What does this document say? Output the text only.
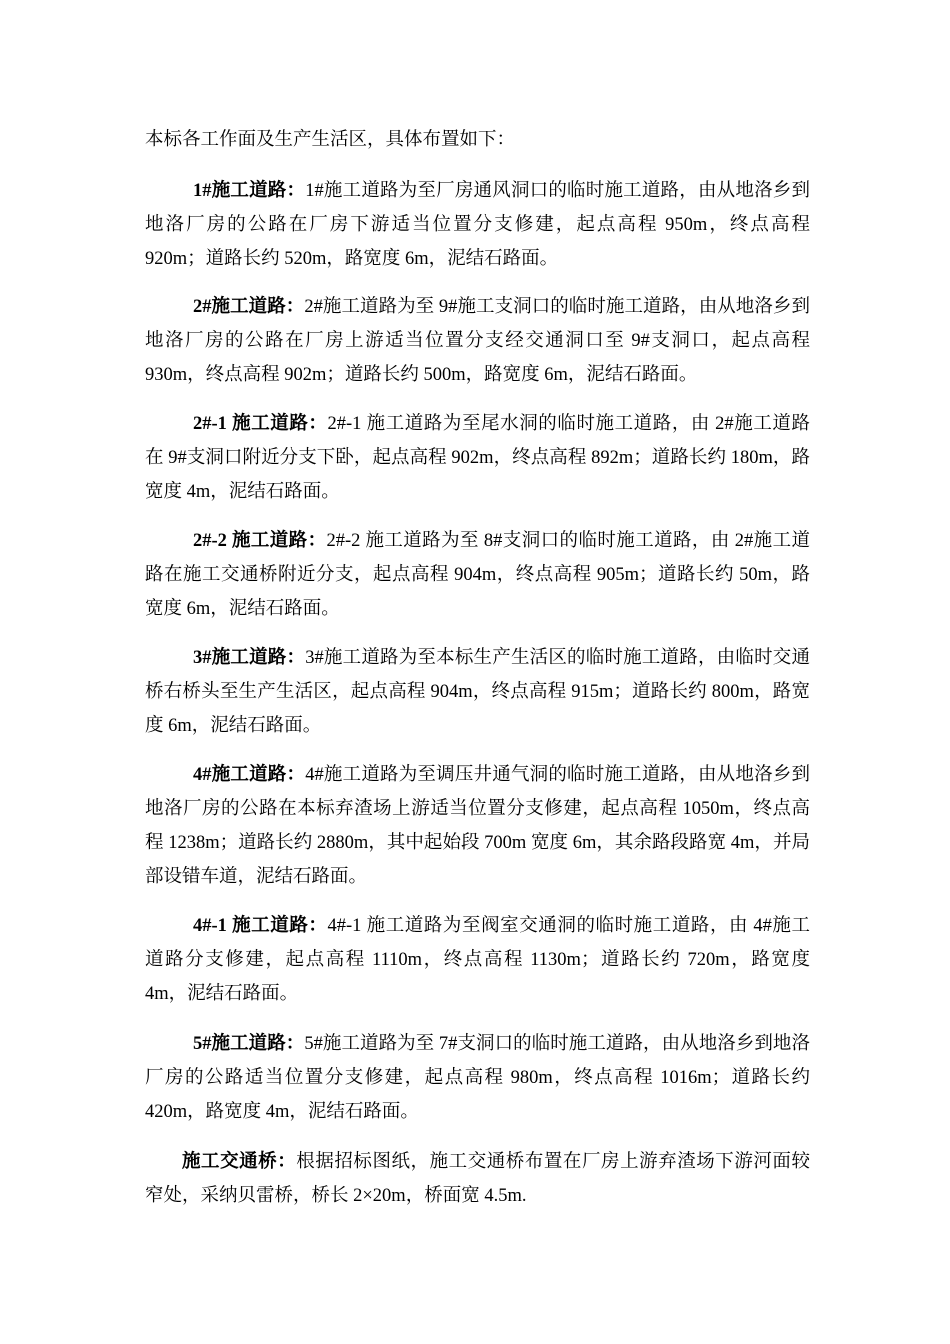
本标各工作面及生产生活区，具体布置如下：

1#施工道路：1#施工道路为至厂房通风洞口的临时施工道路，由从地洛乡到地洛厂房的公路在厂房下游适当位置分支修建，起点高程 950m，终点高程 920m；道路长约 520m，路宽度 6m，泥结石路面。

2#施工道路：2#施工道路为至 9#施工支洞口的临时施工道路，由从地洛乡到地洛厂房的公路在厂房上游适当位置分支经交通洞口至 9#支洞口，起点高程 930m，终点高程 902m；道路长约 500m，路宽度 6m，泥结石路面。

2#-1 施工道路：2#-1 施工道路为至尾水洞的临时施工道路，由 2#施工道路在 9#支洞口附近分支下卧，起点高程 902m，终点高程 892m；道路长约 180m，路宽度 4m，泥结石路面。

2#-2 施工道路：2#-2 施工道路为至 8#支洞口的临时施工道路，由 2#施工道路在施工交通桥附近分支，起点高程 904m，终点高程 905m；道路长约 50m，路宽度 6m，泥结石路面。

3#施工道路：3#施工道路为至本标生产生活区的临时施工道路，由临时交通桥右桥头至生产生活区，起点高程 904m，终点高程 915m；道路长约 800m，路宽度 6m，泥结石路面。

4#施工道路：4#施工道路为至调压井通气洞的临时施工道路，由从地洛乡到地洛厂房的公路在本标弃渣场上游适当位置分支修建，起点高程 1050m，终点高程 1238m；道路长约 2880m，其中起始段 700m 宽度 6m，其余路段路宽 4m，并局部设错车道，泥结石路面。

4#-1 施工道路：4#-1 施工道路为至阀室交通洞的临时施工道路，由 4#施工道路分支修建，起点高程 1110m，终点高程 1130m；道路长约 720m，路宽度 4m，泥结石路面。

5#施工道路：5#施工道路为至 7#支洞口的临时施工道路，由从地洛乡到地洛厂房的公路适当位置分支修建，起点高程 980m，终点高程 1016m；道路长约 420m，路宽度 4m，泥结石路面。

施工交通桥：根据招标图纸，施工交通桥布置在厂房上游弃渣场下游河面较窄处，采纳贝雷桥，桥长 2×20m，桥面宽 4.5m.
